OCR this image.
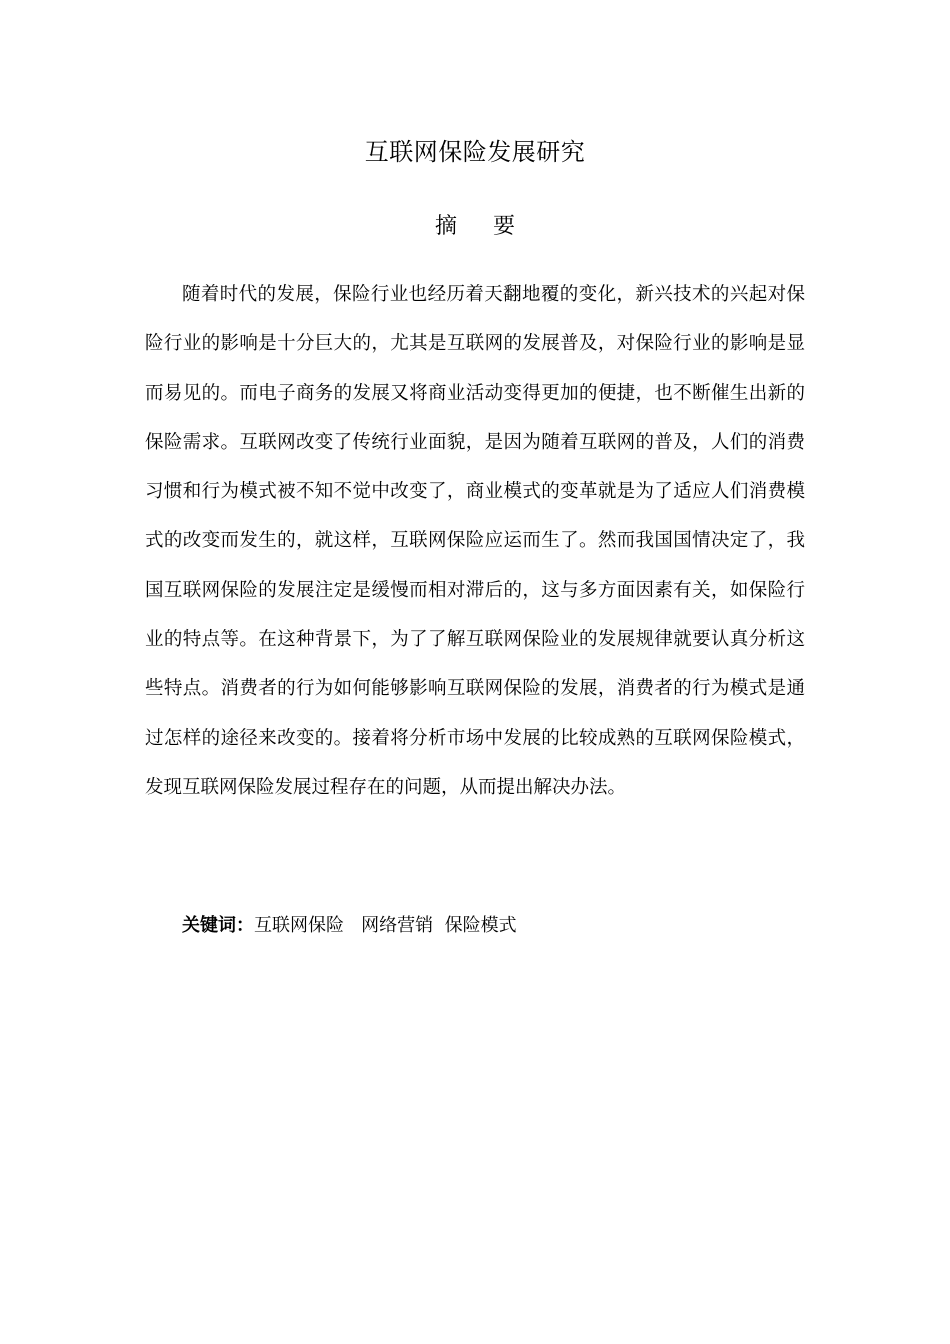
互联网保险发展研究
摘 要
随着时代的发展，保险行业也经历着天翻地覆的变化，新兴技术的兴起对保险行业的影响是十分巨大的，尤其是互联网的发展普及，对保险行业的影响是显而易见的。而电子商务的发展又将商业活动变得更加的便捷，也不断催生出新的保险需求。互联网改变了传统行业面貌，是因为随着互联网的普及，人们的消费习惯和行为模式被不知不觉中改变了，商业模式的变革就是为了适应人们消费模式的改变而发生的，就这样，互联网保险应运而生了。然而我国国情决定了，我国互联网保险的发展注定是缓慢而相对滞后的，这与多方面因素有关，如保险行业的特点等。在这种背景下，为了了解互联网保险业的发展规律就要认真分析这些特点。消费者的行为如何能够影响互联网保险的发展，消费者的行为模式是通过怎样的途径来改变的。接着将分析市场中发展的比较成熟的互联网保险模式，发现互联网保险发展过程存在的问题，从而提出解决办法。
关键词：互联网保险   网络营销  保险模式
